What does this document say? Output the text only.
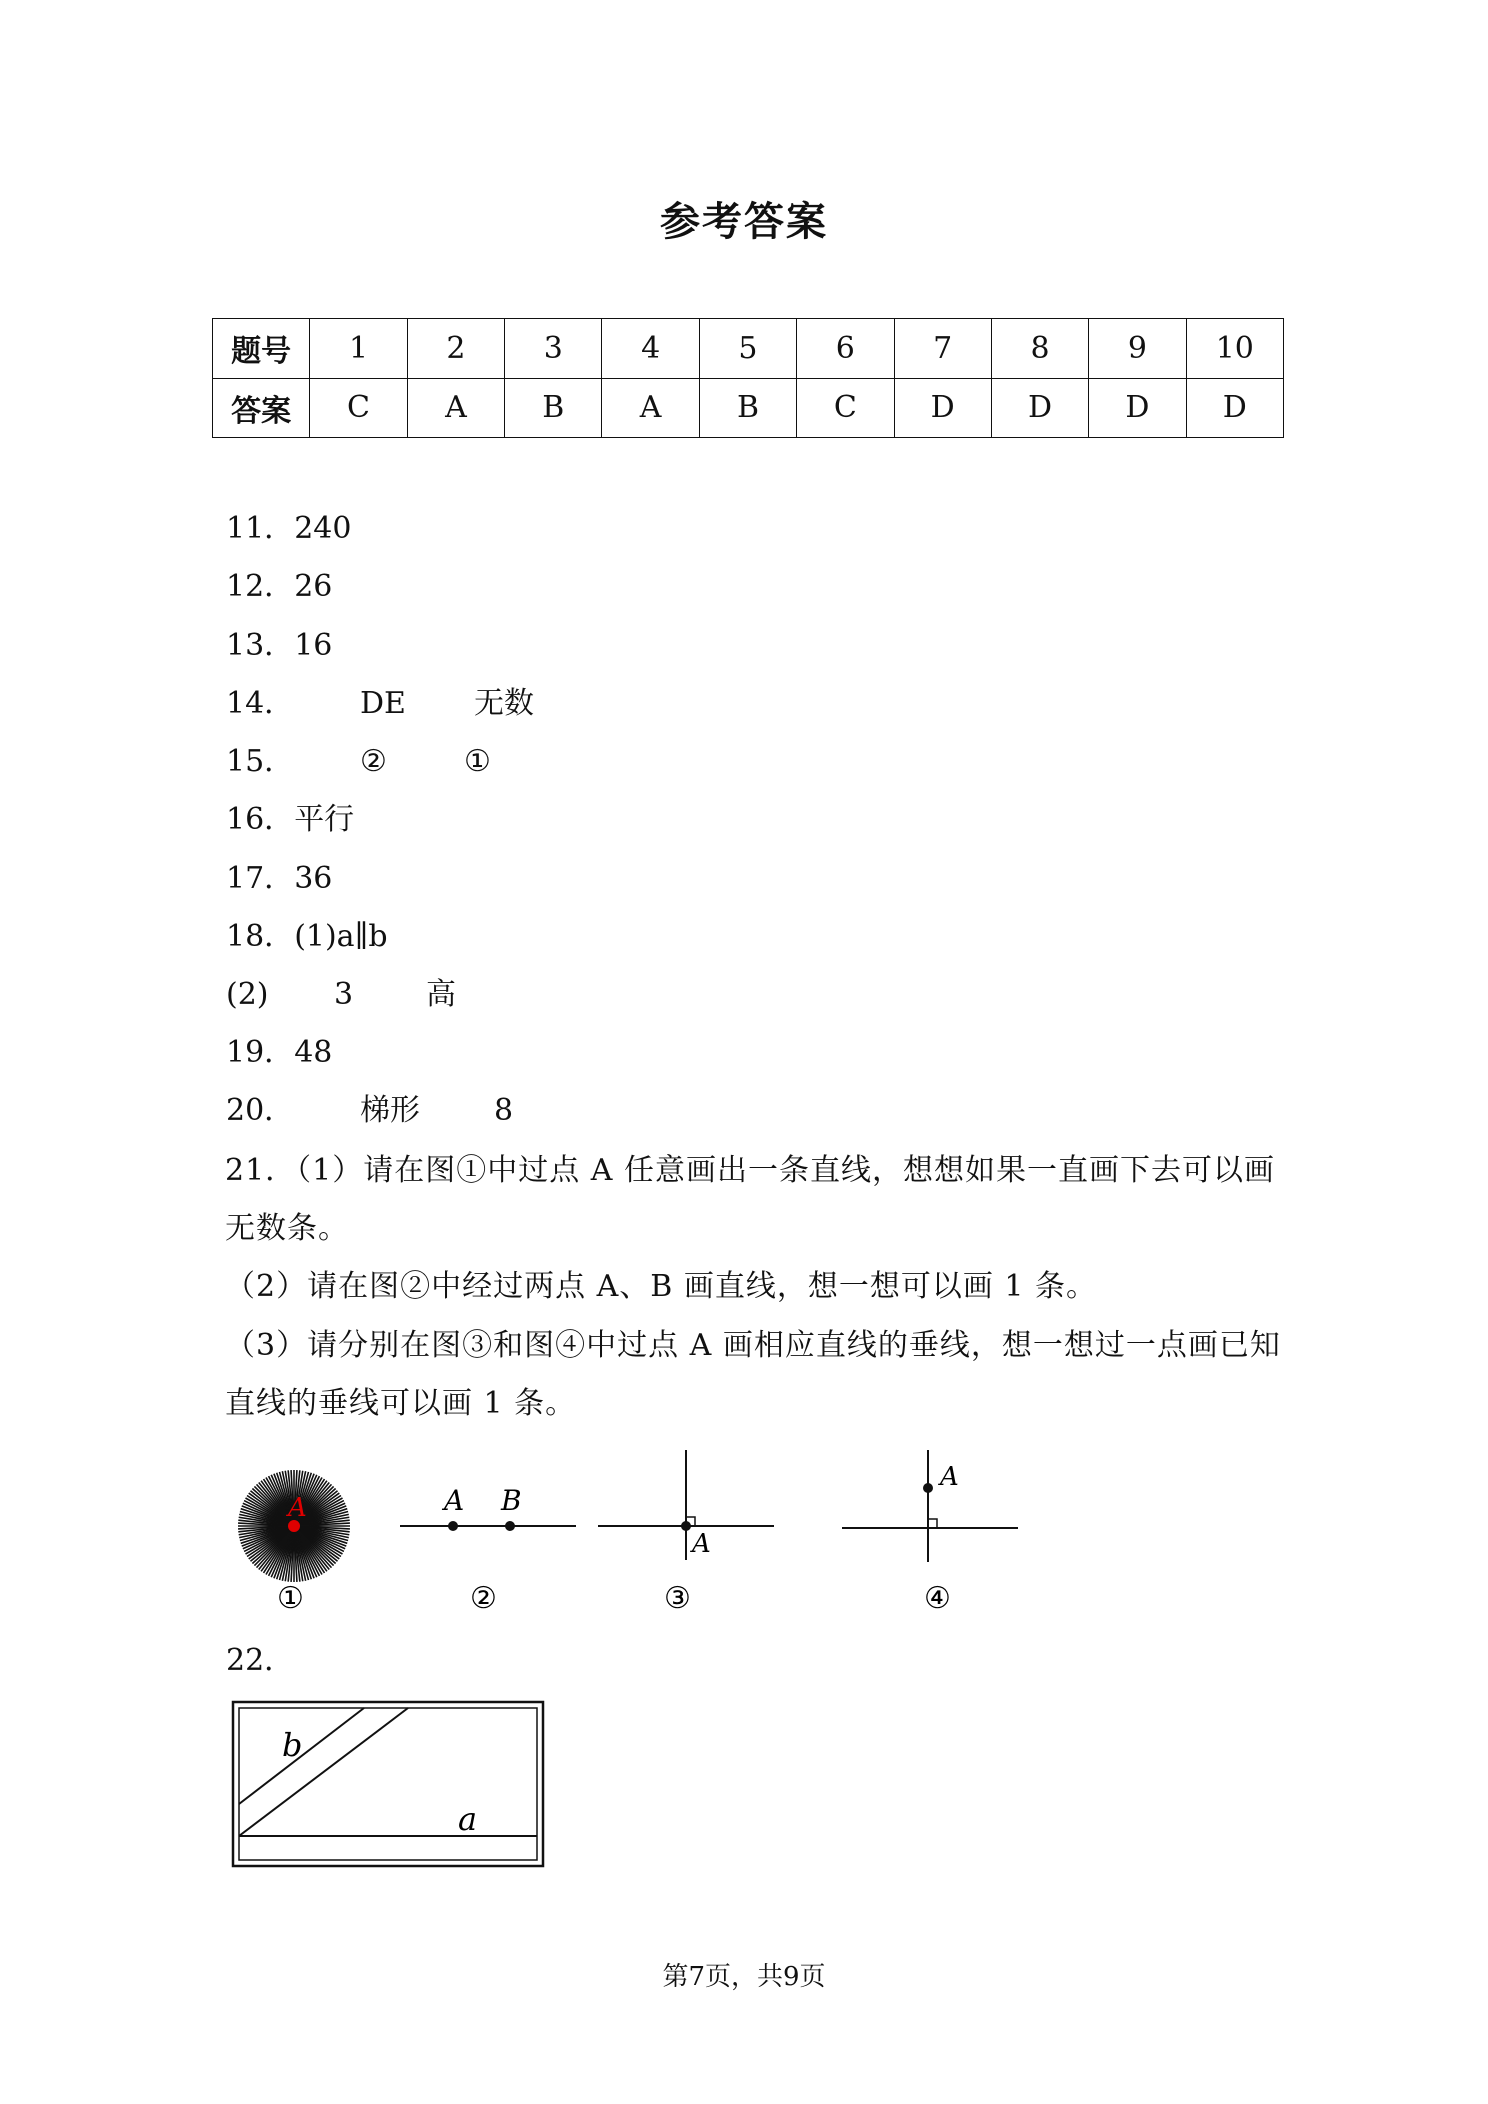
参考答案
题号	1	2	3	4	5	6	7	8	9	10
答案	C	A	B	A	B	C	D	D	D	D
11．240
12．26
13．16
14． DE 无数
15． ②	①
16．平行
17．36
18．(1)a∥b
(2) 3 高
19．48
20． 梯形 8
21．（1）请在图①中过点 A 任意画出一条直线，想想如果一直画下去可以画无数条。
（2）请在图②中经过两点 A、B 画直线，想一想可以画 1 条。
（3）请分别在图③和图④中过点 A 画相应直线的垂线，想一想过一点画已知直线的垂线可以画 1 条。
A
①
A B
②
A
③
A
④
22．
b
a
第7页，共9页
